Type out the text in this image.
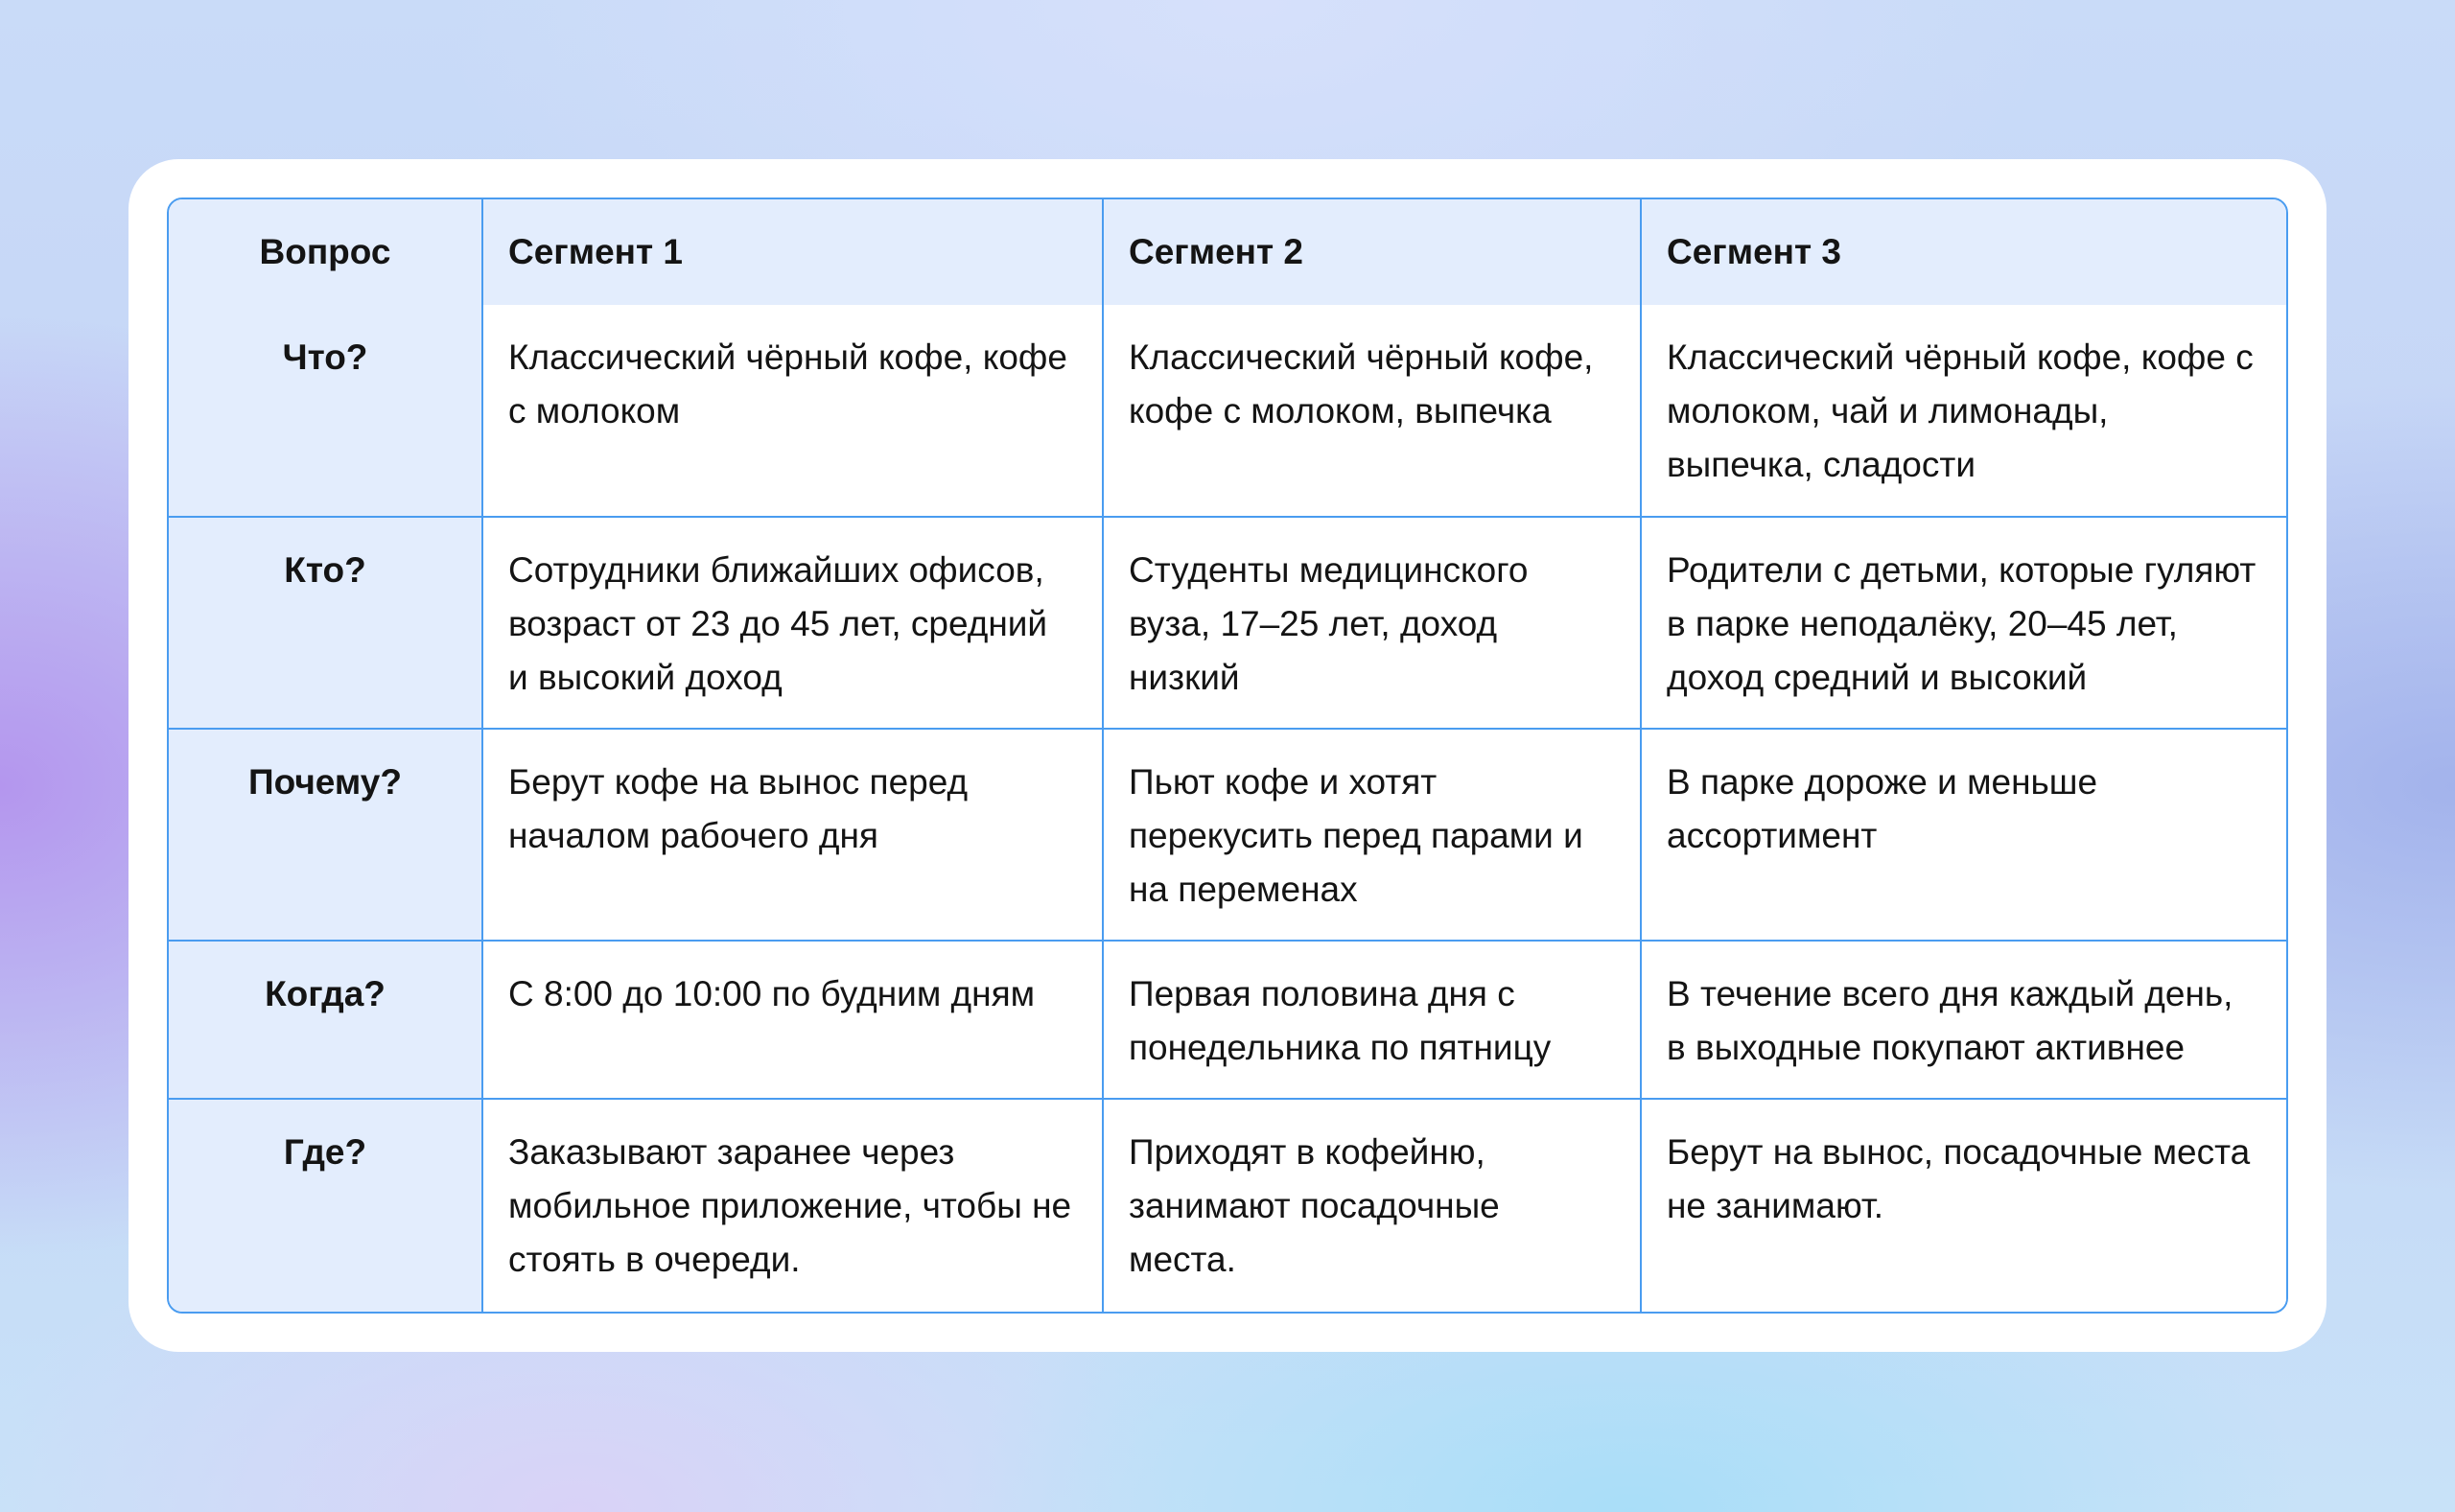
Вопрос	Сегмент 1	Сегмент 2	Сегмент 3
Что?	Классический чёрный кофе, кофе с молоком	Классический чёрный кофе, кофе с молоком, выпечка	Классический чёрный кофе, кофе с молоком, чай и лимонады, выпечка, сладости
Кто?	Сотрудники ближайших офисов, возраст от 23 до 45 лет, средний и высокий доход	Студенты медицинского вуза, 17–25 лет, доход низкий	Родители с детьми, которые гуляют в парке неподалёку, 20–45 лет, доход средний и высокий
Почему?	Берут кофе на вынос перед началом рабочего дня	Пьют кофе и хотят перекусить перед парами и на переменах	В парке дороже и меньше ассортимент
Когда?	С 8:00 до 10:00 по будним дням	Первая половина дня с понедельника по пятницу	В течение всего дня каждый день, в выходные покупают активнее
Где?	Заказывают заранее через мобильное приложение, чтобы не стоять в очереди.	Приходят в кофейню, занимают посадочные места.	Берут на вынос, посадочные места не занимают.
